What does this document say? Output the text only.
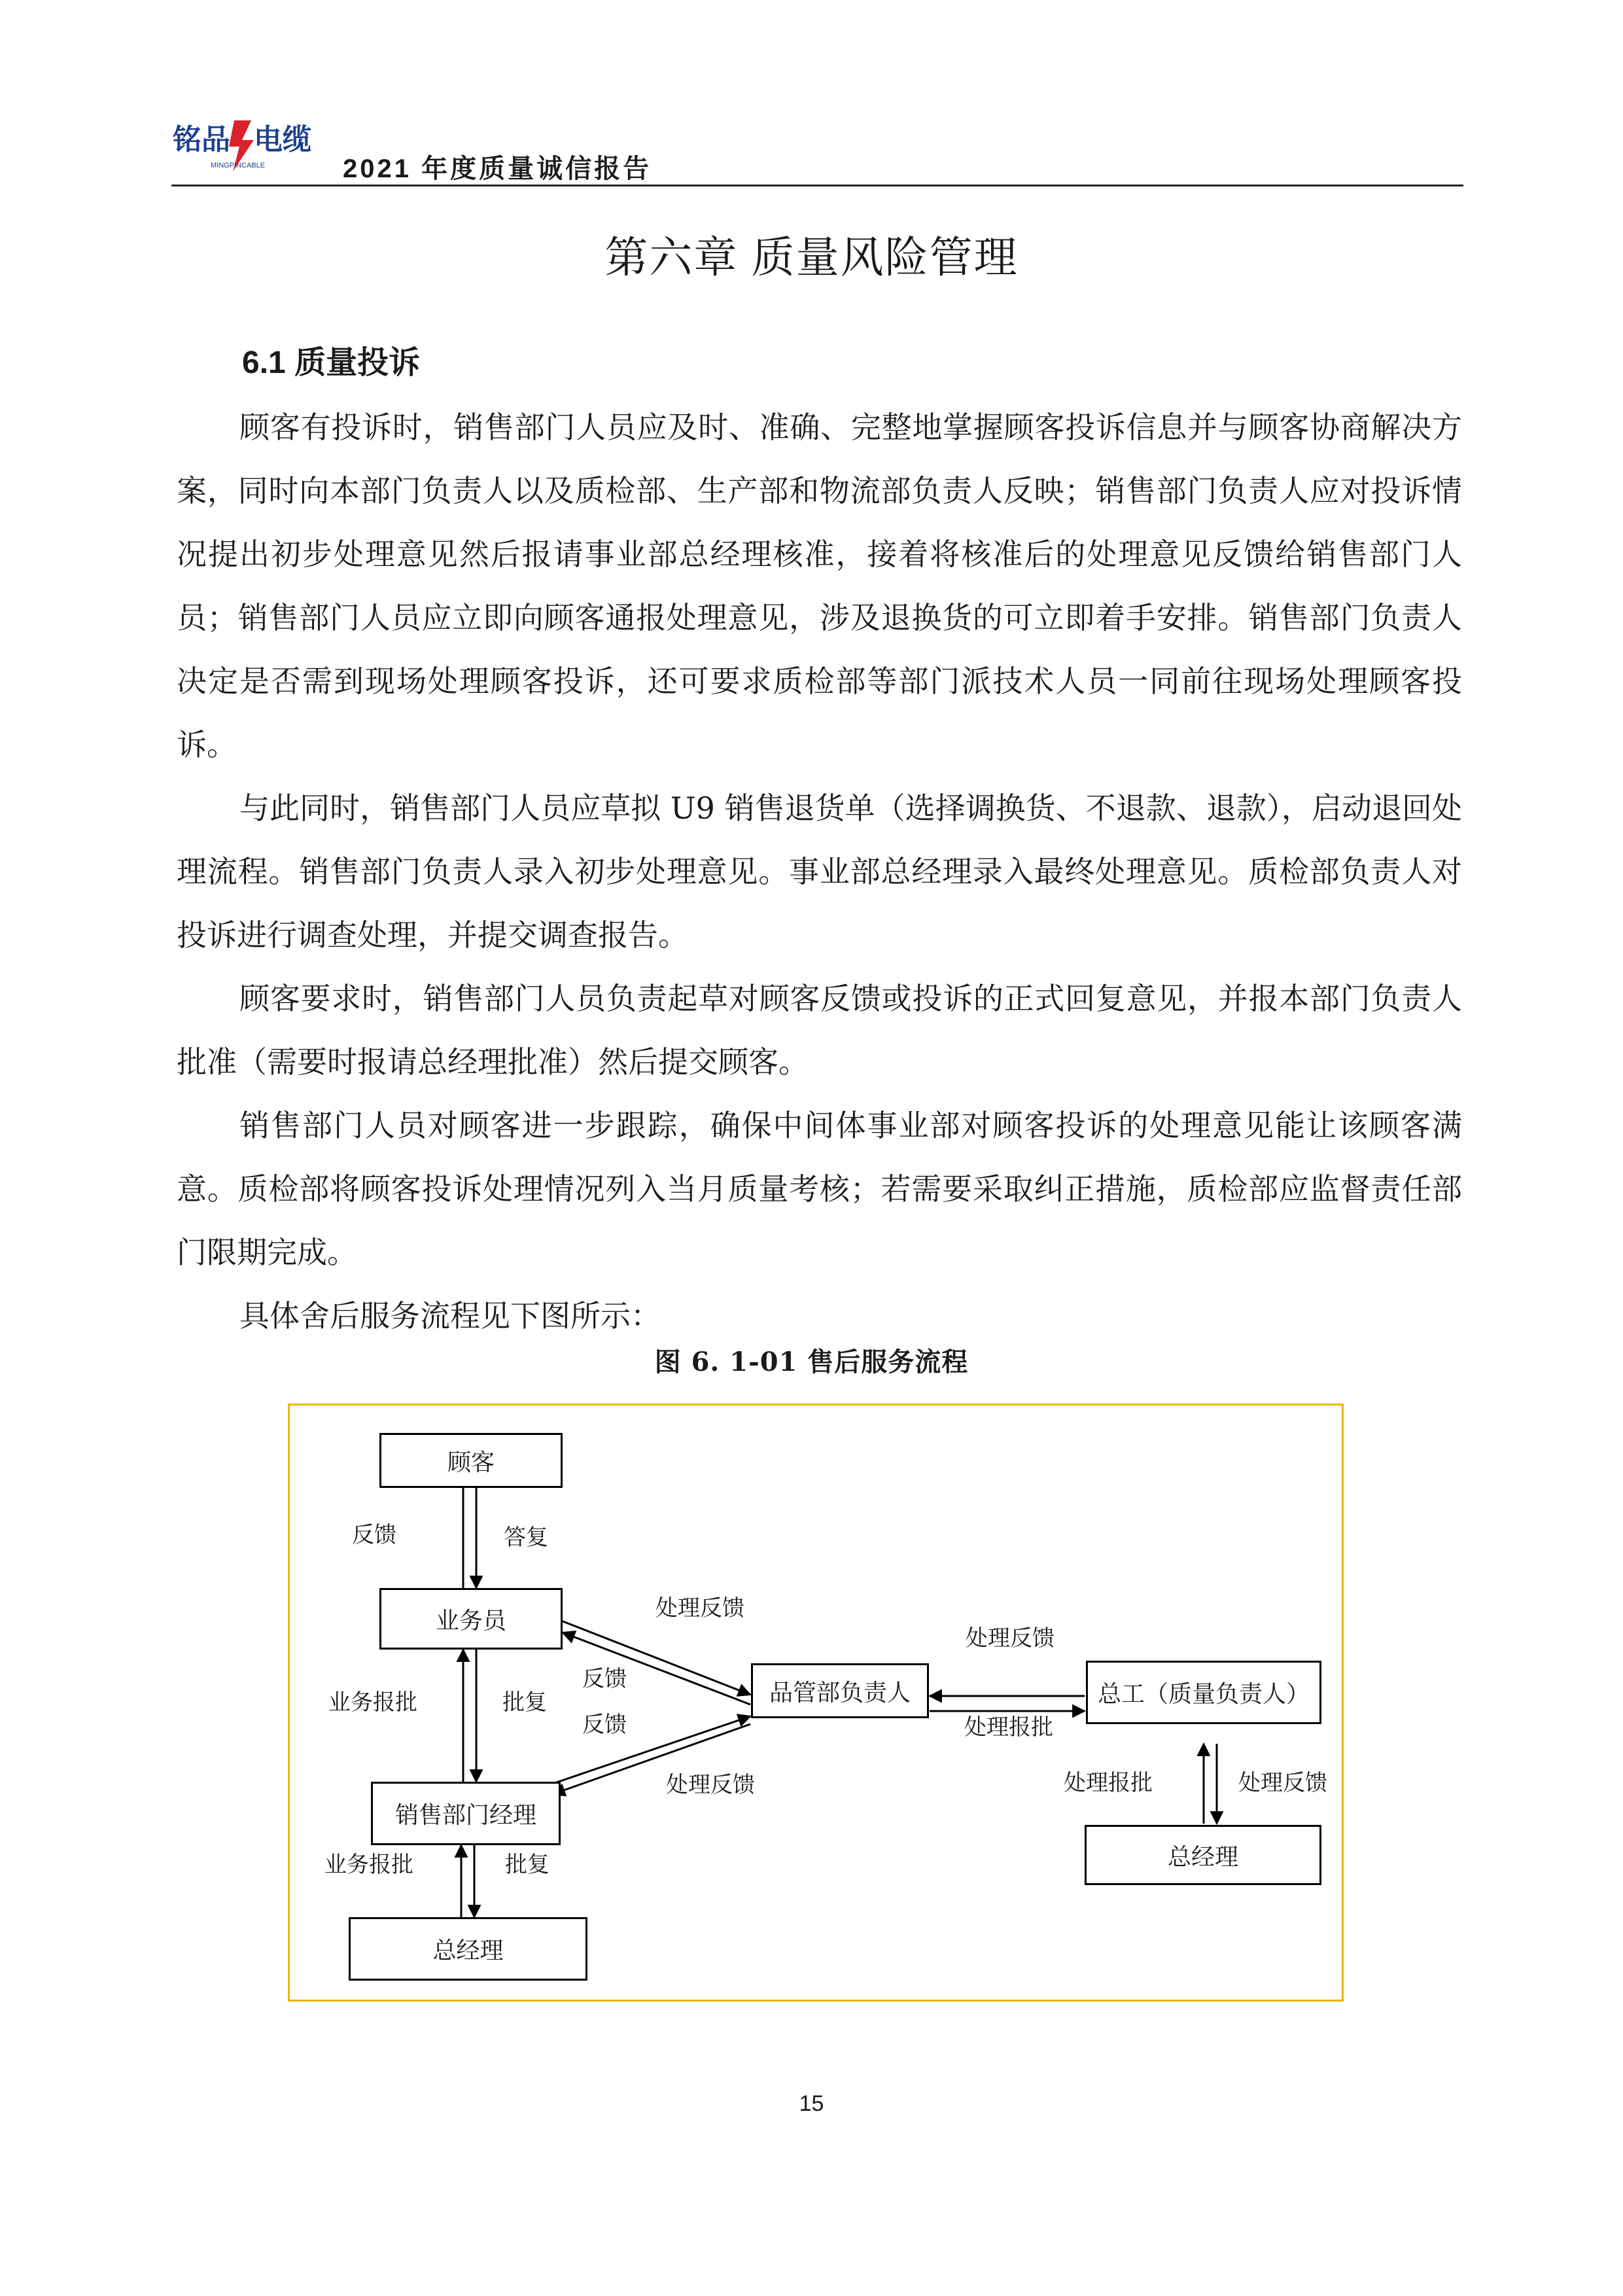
铭品 电缆
MINGPINCABLE	2021 年度质量诚信报告
第六章 质量风险管理
6.1 质量投诉

顾客有投诉时，销售部门人员应及时、准确、完整地掌握顾客投诉信息并与顾客协商解决方案，同时向本部门负责人以及质检部、生产部和物流部负责人反映；销售部门负责人应对投诉情况提出初步处理意见然后报请事业部总经理核准，接着将核准后的处理意见反馈给销售部门人员；销售部门人员应立即向顾客通报处理意见，涉及退换货的可立即着手安排。销售部门负责人决定是否需到现场处理顾客投诉，还可要求质检部等部门派技术人员一同前往现场处理顾客投诉。

与此同时，销售部门人员应草拟 U9 销售退货单（选择调换货、不退款、退款），启动退回处理流程。销售部门负责人录入初步处理意见。事业部总经理录入最终处理意见。质检部负责人对投诉进行调查处理，并提交调查报告。

顾客要求时，销售部门人员负责起草对顾客反馈或投诉的正式回复意见，并报本部门负责人批准（需要时报请总经理批准）然后提交顾客。

销售部门人员对顾客进一步跟踪，确保中间体事业部对顾客投诉的处理意见能让该顾客满意。质检部将顾客投诉处理情况列入当月质量考核；若需要采取纠正措施，质检部应监督责任部门限期完成。

具体舍后服务流程见下图所示：

图 6. 1-01 售后服务流程
顾客
业务员
销售部门经理
总经理
品管部负责人	总工（质量负责人）
总经理
反馈	答复
业务报批	批复
业务报批	批复
处理反馈
反馈
反馈
处理反馈
处理反馈
处理报批
处理报批	处理反馈
15
